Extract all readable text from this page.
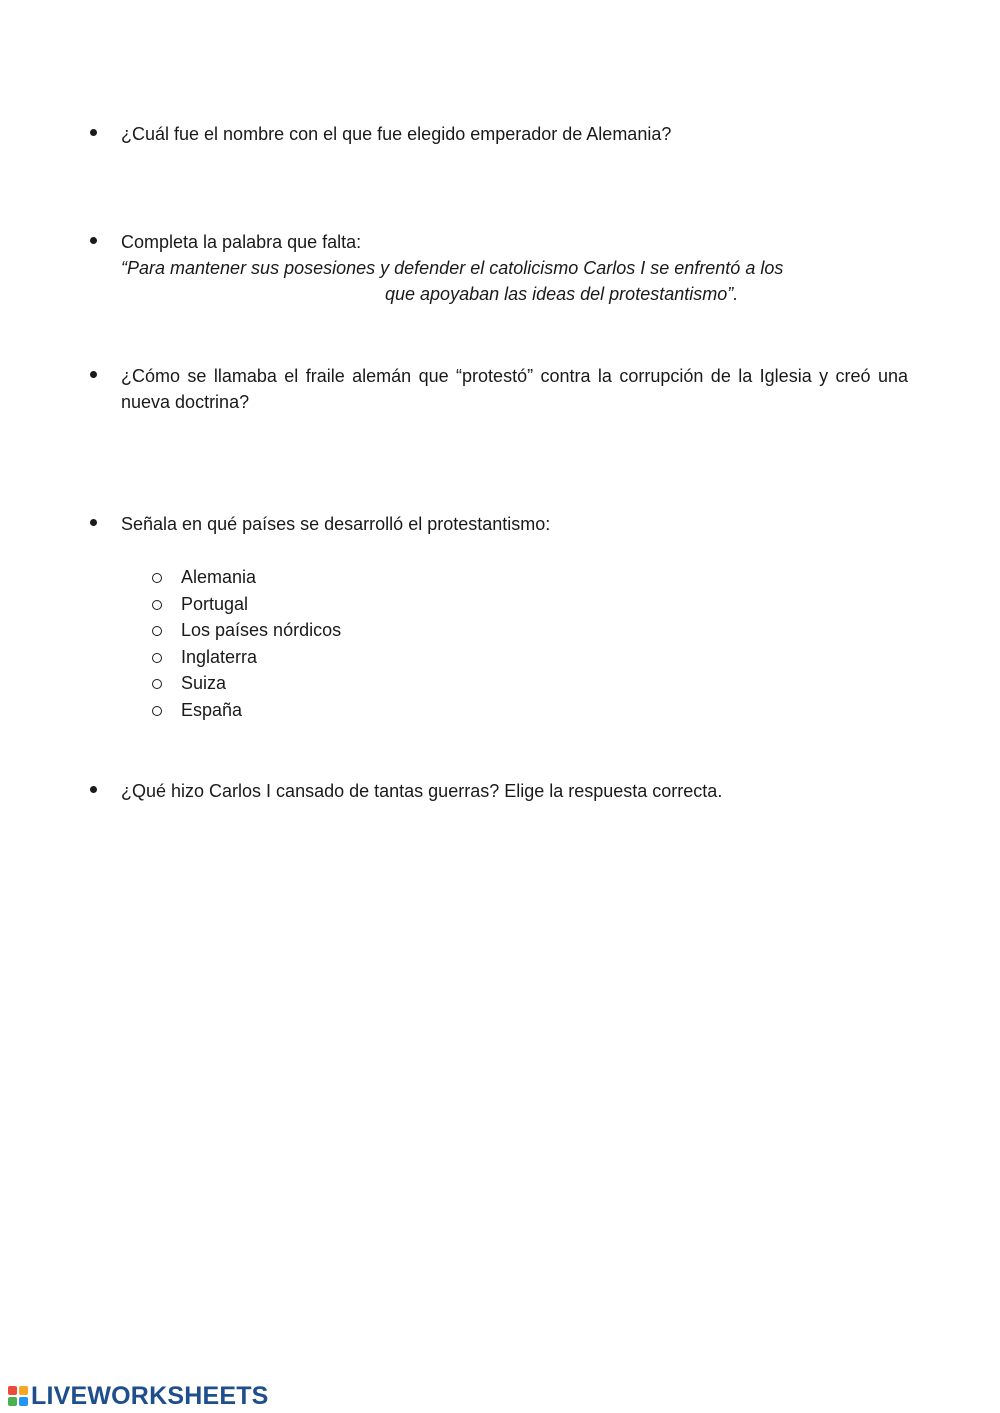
¿Cuál fue el nombre con el que fue elegido emperador de Alemania?
Completa la palabra que falta:
“Para mantener sus posesiones y defender el catolicismo Carlos I se enfrentó a los
que apoyaban las ideas del protestantismo”.
¿Cómo se llamaba el fraile alemán que “protestó” contra la corrupción de la Iglesia y creó una nueva doctrina?
Señala en qué países se desarrolló el protestantismo:
Alemania
Portugal
Los países nórdicos
Inglaterra
Suiza
España
¿Qué hizo Carlos I cansado de tantas guerras? Elige la respuesta correcta.
LIVEWORKSHEETS
